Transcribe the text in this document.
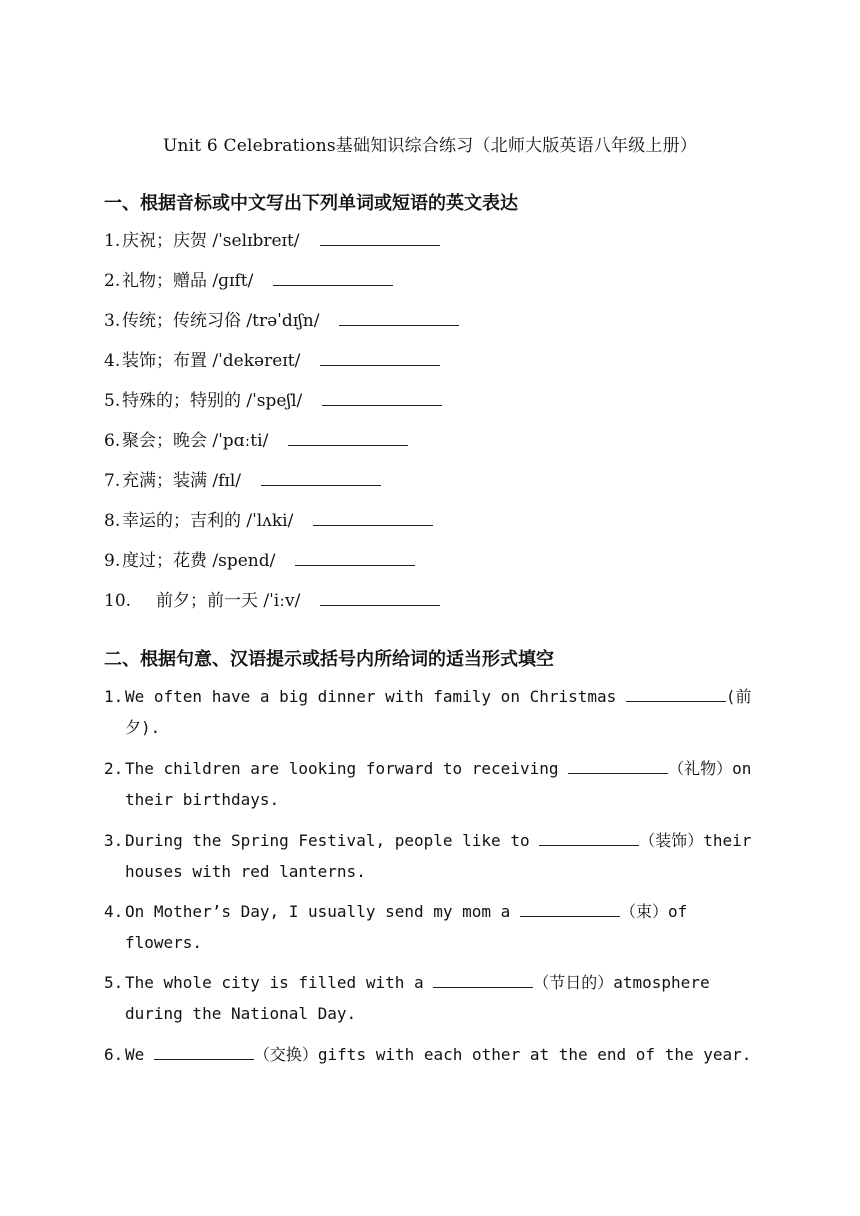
Unit 6 Celebrations基础知识综合练习（北师大版英语八年级上册）
一、根据音标或中文写出下列单词或短语的英文表达
1. 庆祝；庆贺 /ˈselɪbreɪt/
2. 礼物；赠品 /ɡɪft/
3. 传统；传统习俗 /trəˈdɪʃn/
4. 装饰；布置 /ˈdekəreɪt/
5. 特殊的；特别的 /ˈspeʃl/
6. 聚会；晚会 /ˈpɑːti/
7. 充满；装满 /fɪl/
8. 幸运的；吉利的 /ˈlʌki/
9. 度过；花费 /spend/
10. 前夕；前一天 /ˈiːv/
二、根据句意、汉语提示或括号内所给词的适当形式填空
1. We often have a big dinner with family on Christmas	(前夕).
2. The children are looking forward to receiving	（礼物）on their birthdays.
3. During the Spring Festival, people like to	（装饰）their houses with red lanterns.
4. On Mother’s Day, I usually send my mom a	（束）of flowers.
5. The whole city is filled with a	（节日的）atmosphere during the National Day.
6. We	（交换）gifts with each other at the end of the year.
